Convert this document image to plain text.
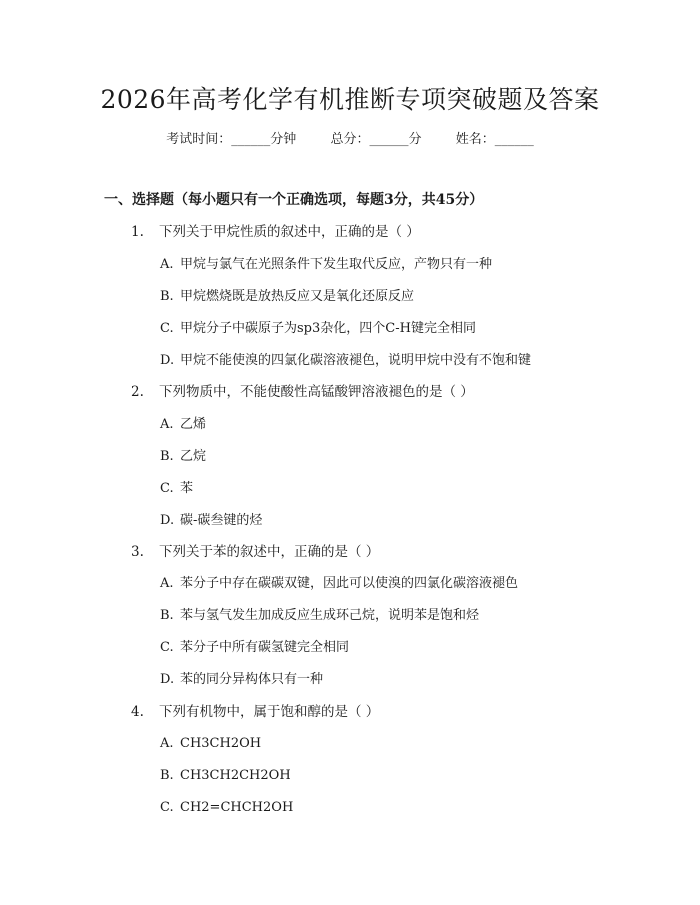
2026年高考化学有机推断专项突破题及答案
考试时间：______分钟	总分：______分	姓名：______
一、选择题（每小题只有一个正确选项，每题3分，共45分）
1. 下列关于甲烷性质的叙述中，正确的是（ ）
A. 甲烷与氯气在光照条件下发生取代反应，产物只有一种
B. 甲烷燃烧既是放热反应又是氧化还原反应
C. 甲烷分子中碳原子为sp3杂化，四个C-H键完全相同
D. 甲烷不能使溴的四氯化碳溶液褪色，说明甲烷中没有不饱和键
2. 下列物质中，不能使酸性高锰酸钾溶液褪色的是（ ）
A. 乙烯
B. 乙烷
C. 苯
D. 碳-碳叁键的烃
3. 下列关于苯的叙述中，正确的是（ ）
A. 苯分子中存在碳碳双键，因此可以使溴的四氯化碳溶液褪色
B. 苯与氢气发生加成反应生成环己烷，说明苯是饱和烃
C. 苯分子中所有碳氢键完全相同
D. 苯的同分异构体只有一种
4. 下列有机物中，属于饱和醇的是（ ）
A. CH3CH2OH
B. CH3CH2CH2OH
C. CH2=CHCH2OH
